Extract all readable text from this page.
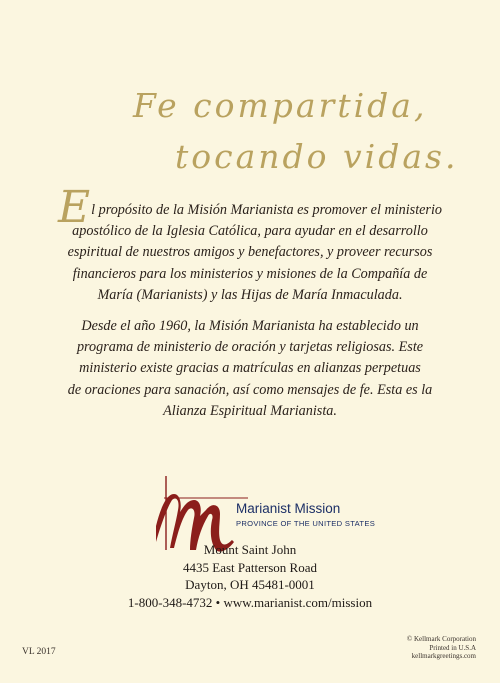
Fe compartida,
tocando vidas.

El propósito de la Misión Marianista es promover el ministerio
apostólico de la Iglesia Católica, para ayudar en el desarrollo
espiritual de nuestros amigos y benefactores, y proveer recursos
financieros para los ministerios y misiones de la Compañía de
María (Marianists) y las Hijas de María Inmaculada.

Desde el año 1960, la Misión Marianista ha establecido un
programa de ministerio de oración y tarjetas religiosas. Este
ministerio existe gracias a matrículas en alianzas perpetuas
de oraciones para sanación, así como mensajes de fe. Esta es la
Alianza Espiritual Marianista.

Marianist Mission
PROVINCE OF THE UNITED STATES
Mount Saint John
4435 East Patterson Road
Dayton, OH 45481-0001
1-800-348-4732 • www.marianist.com/mission
VL 2017
© Kellmark Corporation
Printed in U.S.A
kellmarkgreetings.com
